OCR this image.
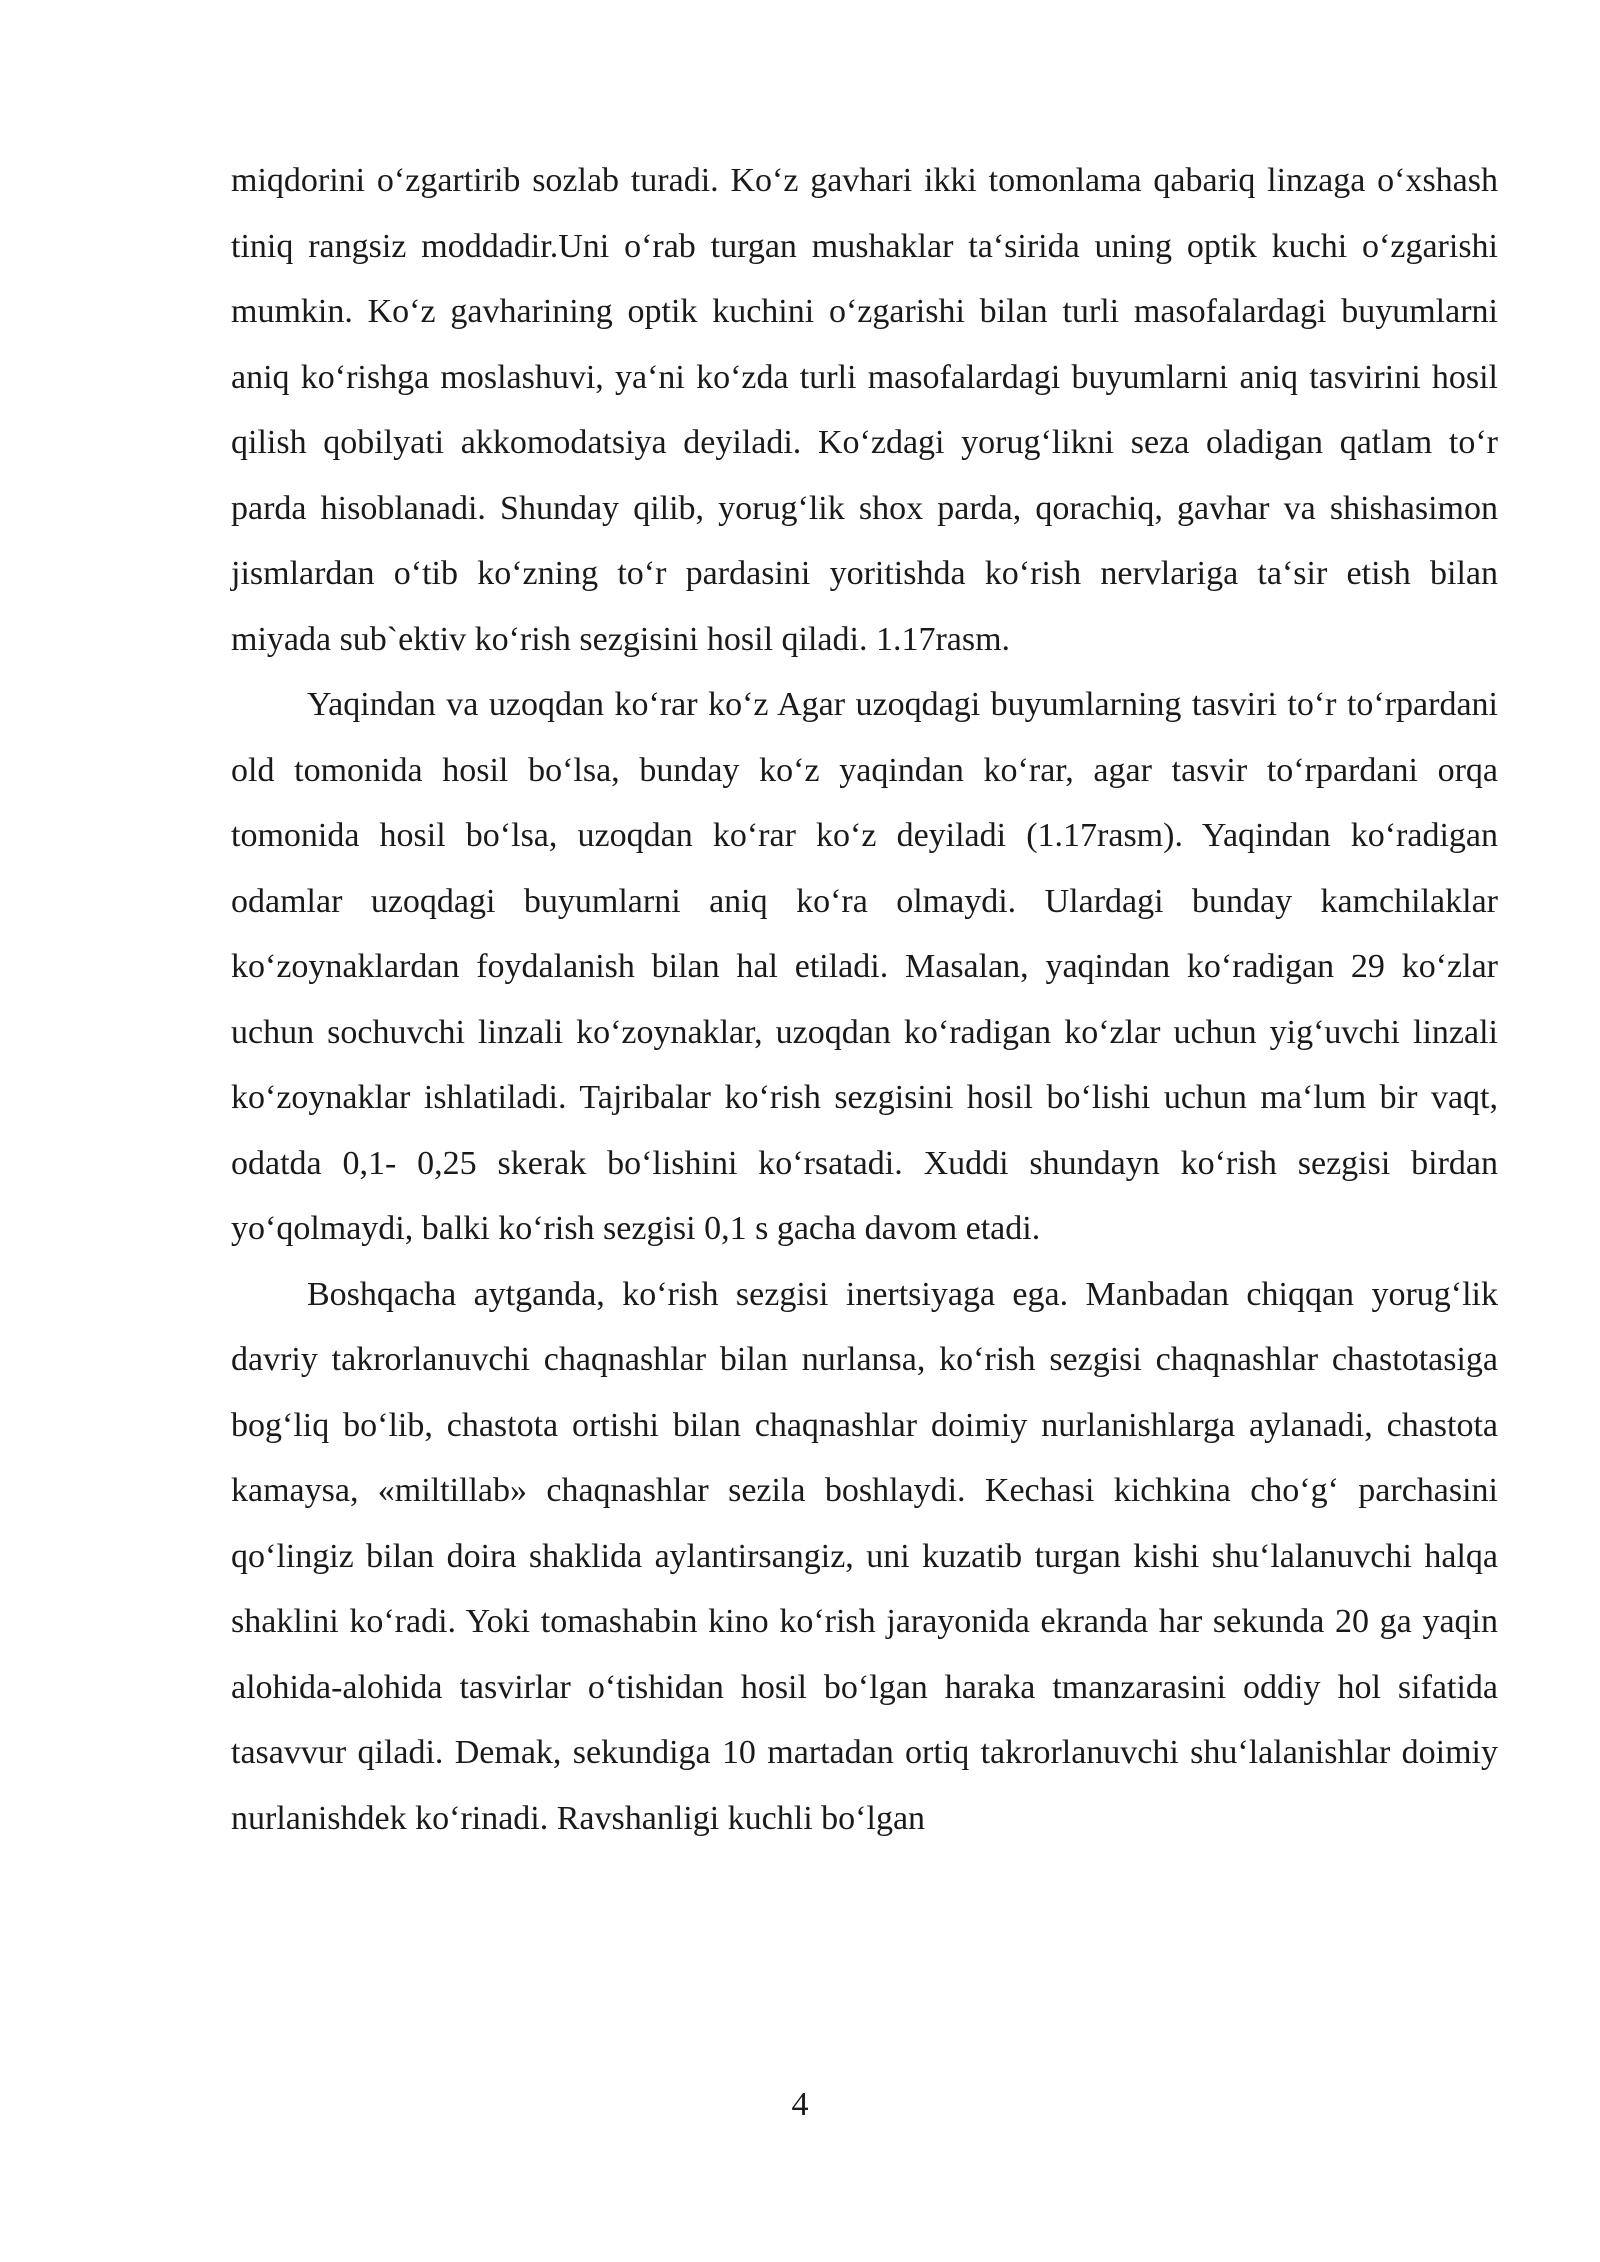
miqdorini o‘zgartirib sozlab turadi. Ko‘z gavhari ikki tomonlama qabariq linzaga o‘xshash tiniq rangsiz moddadir.Uni o‘rab turgan mushaklar ta‘sirida uning optik kuchi o‘zgarishi mumkin. Ko‘z gavharining optik kuchini o‘zgarishi bilan turli masofalardagi buyumlarni aniq ko‘rishga moslashuvi, ya‘ni ko‘zda turli masofalardagi buyumlarni aniq tasvirini hosil qilish qobilyati akkomodatsiya deyiladi. Ko‘zdagi yorug‘likni seza oladigan qatlam to‘r parda hisoblanadi. Shunday qilib, yorug‘lik shox parda, qorachiq, gavhar va shishasimon jismlardan o‘tib ko‘zning to‘r pardasini yoritishda ko‘rish nervlariga ta‘sir etish bilan miyada sub`ektiv ko‘rish sezgisini hosil qiladi. 1.17rasm.

Yaqindan va uzoqdan ko‘rar ko‘z Agar uzoqdagi buyumlarning tasviri to‘r to‘rpardani old tomonida hosil bo‘lsa, bunday ko‘z yaqindan ko‘rar, agar tasvir to‘rpardani orqa tomonida hosil bo‘lsa, uzoqdan ko‘rar ko‘z deyiladi (1.17rasm). Yaqindan ko‘radigan odamlar uzoqdagi buyumlarni aniq ko‘ra olmaydi. Ulardagi bunday kamchilaklar ko‘zoynaklardan foydalanish bilan hal etiladi. Masalan, yaqindan ko‘radigan 29 ko‘zlar uchun sochuvchi linzali ko‘zoynaklar, uzoqdan ko‘radigan ko‘zlar uchun yig‘uvchi linzali ko‘zoynaklar ishlatiladi. Tajribalar ko‘rish sezgisini hosil bo‘lishi uchun ma‘lum bir vaqt, odatda 0,1- 0,25 skerak bo‘lishini ko‘rsatadi. Xuddi shundayn ko‘rish sezgisi birdan yo‘qolmaydi, balki ko‘rish sezgisi 0,1 s gacha davom etadi.

Boshqacha aytganda, ko‘rish sezgisi inertsiyaga ega. Manbadan chiqqan yorug‘lik davriy takrorlanuvchi chaqnashlar bilan nurlansa, ko‘rish sezgisi chaqnashlar chastotasiga bog‘liq bo‘lib, chastota ortishi bilan chaqnashlar doimiy nurlanishlarga aylanadi, chastota kamaysa, «miltillab» chaqnashlar sezila boshlaydi. Kechasi kichkina cho‘g‘ parchasini qo‘lingiz bilan doira shaklida aylantirsangiz, uni kuzatib turgan kishi shu‘lalanuvchi halqa shaklini ko‘radi. Yoki tomashabin kino ko‘rish jarayonida ekranda har sekunda 20 ga yaqin alohida-alohida tasvirlar o‘tishidan hosil bo‘lgan haraka tmanzarasini oddiy hol sifatida tasavvur qiladi. Demak, sekundiga 10 martadan ortiq takrorlanuvchi shu‘lalanishlar doimiy nurlanishdek ko‘rinadi. Ravshanligi kuchli bo‘lgan

4
